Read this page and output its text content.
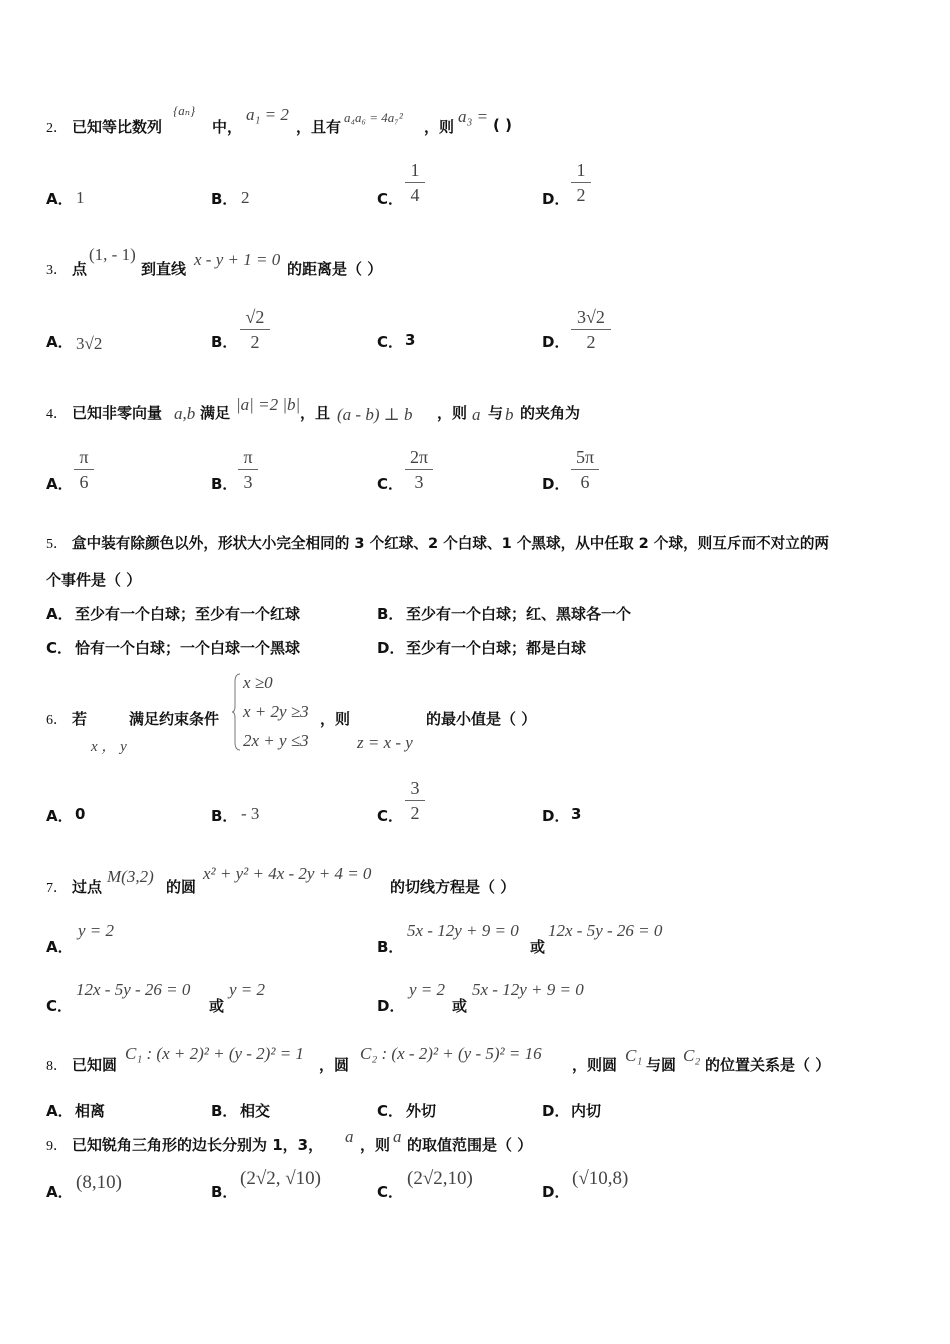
2． 已知等比数列
{aₙ}
中，
a₁ = 2
，且有
a₄a₆ = 4a₇²
，则
a₃ = ( )
A． 1	B． 2	C．
1
4	D．
1
2
3． 点
(1, - 1)
到直线 x - y + 1 = 0 的距离是（ ）
A． 3√2	B．
√2
2	C． 3	D．
3√2
2
4． 已知非零向量 a,b 满足 |a| =2 |b| ，且 (a - b) ⊥ b ，则 a 与 b 的夹角为
A．
π
6	B．
π
3	C．
2π
3	D．
5π
6
5． 盒中装有除颜色以外，形状大小完全相同的 3 个红球、2 个白球、1 个黑球，从中任取 2 个球，则互斥而不对立的两
个事件是（ ）
A． 至少有一个白球；至少有一个红球	B． 至少有一个白球；红、黑球各一个
C． 恰有一个白球；一个白球一个黑球	D． 至少有一个白球；都是白球
6． 若
x ， y
满足约束条件
x ≥0
x + 2y ≥3
2x + y ≤3
，则
z = x - y
的最小值是（ ）
A． 0	B． - 3	C．
3
2	D． 3
7． 过点
M(3,2)
的圆
x² + y² + 4x - 2y + 4 = 0
的切线方程是（ ）
A．
y = 2
B．
5x - 12y + 9 = 0
或
12x - 5y - 26 = 0
C．
12x - 5y - 26 = 0
或
y = 2
D．
y = 2
或
5x - 12y + 9 = 0
8． 已知圆
C₁ : (x + 2)² + (y - 2)² = 1
，圆
C₂ : (x - 2)² + (y - 5)² = 16
，则圆 C₁ 与圆 C₂ 的位置关系是（ ）
A． 相离	B． 相交	C． 外切	D． 内切
9． 已知锐角三角形的边长分别为 1，3， a ，则 a 的取值范围是（ ）
A． (8,10)	B．
(2√2, √10)
C．
(2√2,10)
D．
(√10,8)
